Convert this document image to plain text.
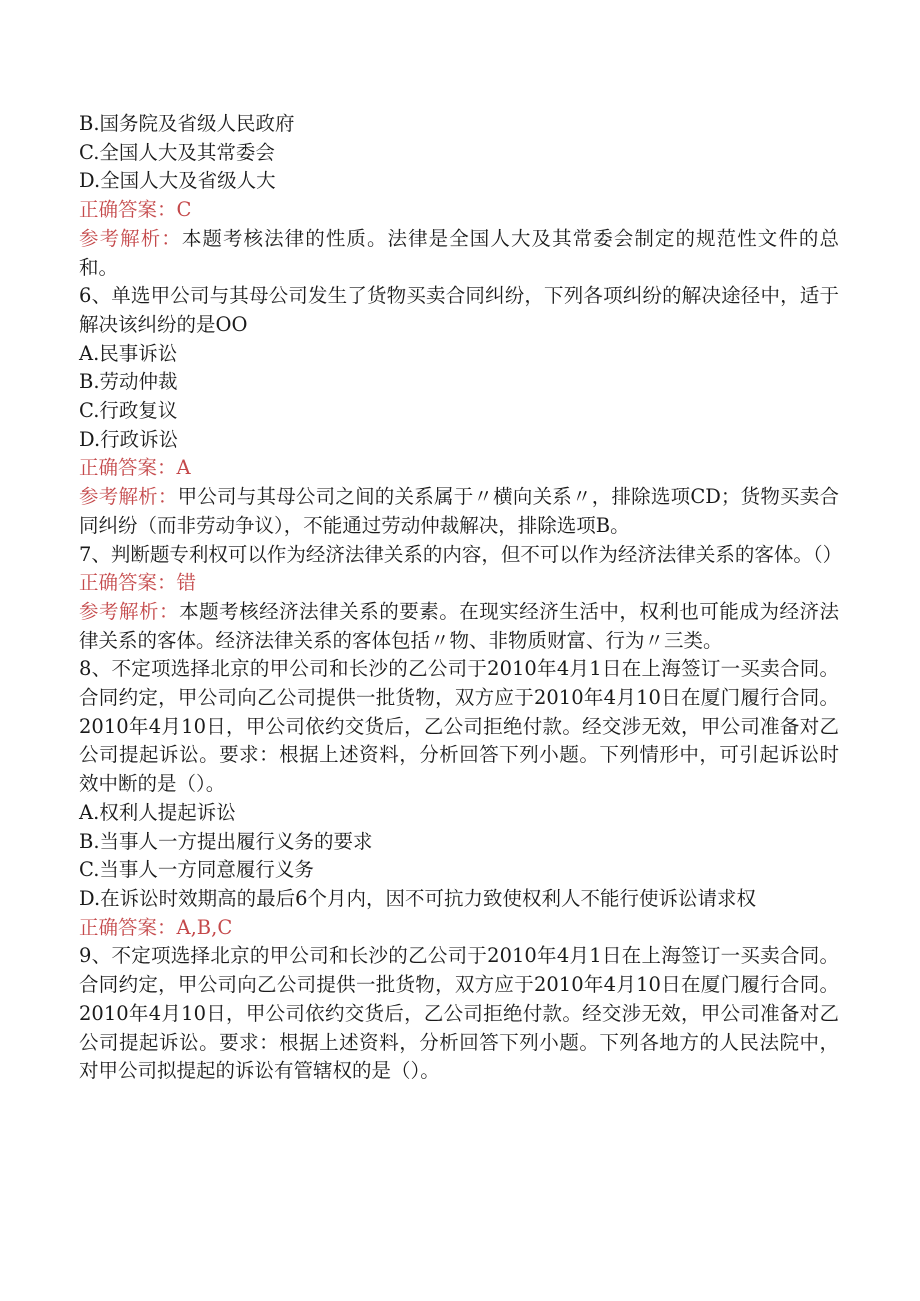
B.国务院及省级人民政府

C.全国人大及其常委会

D.全国人大及省级人大

正确答案：C

参考解析：本题考核法律的性质。法律是全国人大及其常委会制定的规范性文件的总和。

6、单选甲公司与其母公司发生了货物买卖合同纠纷，下列各项纠纷的解决途径中，适于解决该纠纷的是OO

A.民事诉讼

B.劳动仲裁

C.行政复议

D.行政诉讼

正确答案：A

参考解析：甲公司与其母公司之间的关系属于〃横向关系〃，排除选项CD；货物买卖合同纠纷（而非劳动争议），不能通过劳动仲裁解决，排除选项B。

7、判断题专利权可以作为经济法律关系的内容，但不可以作为经济法律关系的客体。（）

正确答案：错

参考解析：本题考核经济法律关系的要素。在现实经济生活中，权利也可能成为经济法律关系的客体。经济法律关系的客体包括〃物、非物质财富、行为〃三类。

8、不定项选择北京的甲公司和长沙的乙公司于2010年4月1日在上海签订一买卖合同。合同约定，甲公司向乙公司提供一批货物，双方应于2010年4月10日在厦门履行合同。2010年4月10日，甲公司依约交货后，乙公司拒绝付款。经交涉无效，甲公司准备对乙公司提起诉讼。要求：根据上述资料，分析回答下列小题。下列情形中，可引起诉讼时效中断的是（）。

A.权利人提起诉讼

B.当事人一方提出履行义务的要求

C.当事人一方同意履行义务

D.在诉讼时效期高的最后6个月内，因不可抗力致使权利人不能行使诉讼请求权

正确答案：A,B,C

9、不定项选择北京的甲公司和长沙的乙公司于2010年4月1日在上海签订一买卖合同。合同约定，甲公司向乙公司提供一批货物，双方应于2010年4月10日在厦门履行合同。2010年4月10日，甲公司依约交货后，乙公司拒绝付款。经交涉无效，甲公司准备对乙公司提起诉讼。要求：根据上述资料，分析回答下列小题。下列各地方的人民法院中，对甲公司拟提起的诉讼有管辖权的是（）。
